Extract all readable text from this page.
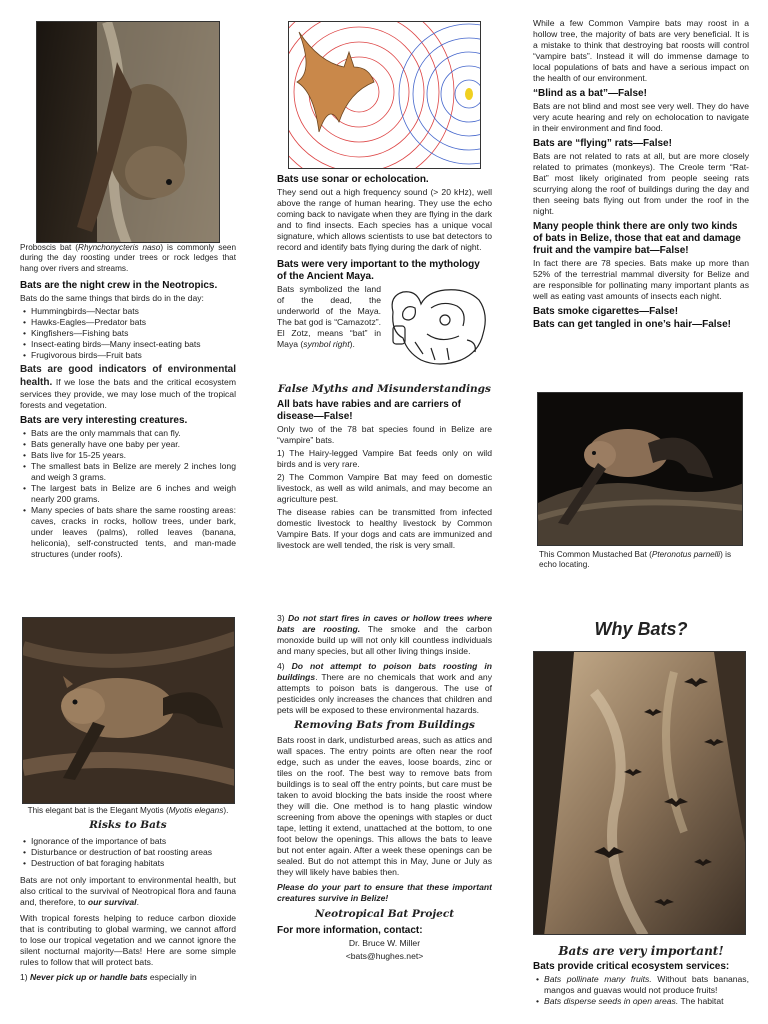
Proboscis bat (Rhynchonycteris naso) is commonly seen during the day roosting under trees or rock ledges that hang over rivers and streams.

Bats are the night crew in the Neotropics.

Bats do the same things that birds do in the day:

• Hummingbirds—Nectar bats
• Hawks-Eagles—Predator bats
• Kingfishers—Fishing bats
• Insect-eating birds—Many insect-eating bats
• Frugivorous birds—Fruit bats

Bats are good indicators of environmental health. If we lose the bats and the critical ecosystem services they provide, we may lose much of the tropical forests and vegetation.

Bats are very interesting creatures.
• Bats are the only mammals that can fly.
• Bats generally have one baby per year.
• Bats live for 15-25 years.
• The smallest bats in Belize are merely 2 inches long and weigh 3 grams.
• The largest bats in Belize are 6 inches and weigh nearly 200 grams.
• Many species of bats share the same roosting areas: caves, cracks in rocks, hollow trees, under bark, under leaves (palms), rolled leaves (banana, heliconia), self-constructed tents, and man-made structures (under roofs).
Bats use sonar or echolocation.

They send out a high frequency sound (> 20 kHz), well above the range of human hearing. They use the echo coming back to navigate when they are flying in the dark and to find insects. Each species has a unique vocal signature, which allows scientists to use bat detectors to record and identify bats flying during the dark of night.

Bats were very important to the mythology of the Ancient Maya.

Bats symbolized the land of the dead, the underworld of the Maya. The bat god is “Camazotz”. El Zotz, means “bat” in Maya (symbol right).

False Myths and Misunderstandings
All bats have rabies and are carriers of disease—False!

Only two of the 78 bat species found in Belize are “vampire” bats.

1) The Hairy-legged Vampire Bat feeds only on wild birds and is very rare.

2) The Common Vampire Bat may feed on domestic livestock, as well as wild animals, and may become an agriculture pest.

The disease rabies can be transmitted from infected domestic livestock to healthy livestock by Common Vampire Bats. If your dogs and cats are immunized and livestock are well tended, the risk is very small.

While a few Common Vampire bats may roost in a hollow tree, the majority of bats are very beneficial. It is a mistake to think that destroying bat roosts will control “vampire bats”. Instead it will do immense damage to local populations of bats and have a serious impact on the health of our environment.

“Blind as a bat”—False!

Bats are not blind and most see very well. They do have very acute hearing and rely on echolocation to navigate in their environment and find food.

Bats are “flying” rats—False!

Bats are not related to rats at all, but are more closely related to primates (monkeys). The Creole term “Rat-Bat” most likely originated from people seeing rats scurrying along the roof of buildings during the day and then seeing bats flying out from under the roof in the night.

Many people think there are only two kinds of bats in Belize, those that eat and damage fruit and the vampire bat—False!

In fact there are 78 species. Bats make up more than 52% of the terrestrial mammal diversity for Belize and are responsible for pollinating many important plants as well as eating vast amounts of insects each night.

Bats smoke cigarettes—False!
Bats can get tangled in one’s hair—False!

This Common Mustached Bat (Pteronotus parnelli) is echo locating.

This elegant bat is the Elegant Myotis (Myotis elegans).

Risks to Bats
• Ignorance of the importance of bats
• Disturbance or destruction of bat roosting areas
• Destruction of bat foraging habitats

Bats are not only important to environmental health, but also critical to the survival of Neotropical flora and fauna and, therefore, to our survival.

With tropical forests helping to reduce carbon dioxide that is contributing to global warming, we cannot afford to lose our tropical vegetation and we cannot ignore the silent nocturnal majority—Bats! Here are some simple rules to follow that will protect bats.

1) Never pick up or handle bats especially in

3) Do not start fires in caves or hollow trees where bats are roosting. The smoke and the carbon monoxide build up will not only kill countless individuals and many species, but all other living things inside.

4) Do not attempt to poison bats roosting in buildings. There are no chemicals that work and any attempts to poison bats is dangerous. The use of pesticides only increases the chances that children and pets will be exposed to these environmental hazards.

Removing Bats from Buildings

Bats roost in dark, undisturbed areas, such as attics and wall spaces. The entry points are often near the roof edge, such as under the eaves, loose boards, zinc or tiles on the roof. The best way to remove bats from buildings is to seal off the entry points, but care must be taken to avoid blocking the bats inside the roost where they will die. One method is to hang plastic window screening from above the openings with staples or duct tape, letting it extend, unattached at the bottom, to one foot below the openings. This allows the bats to leave but not enter again. After a week these openings can be sealed. But do not attempt this in May, June or July as they will likely have babies then.

Please do your part to ensure that these important creatures survive in Belize!

Neotropical Bat Project
For more information, contact:

Dr. Bruce W. Miller

<bats@hughes.net>

Why Bats?
Bats are very important!
Bats provide critical ecosystem services:
• Bats pollinate many fruits. Without bats bananas, mangos and guavas would not produce fruits!
• Bats disperse seeds in open areas. The habitat
